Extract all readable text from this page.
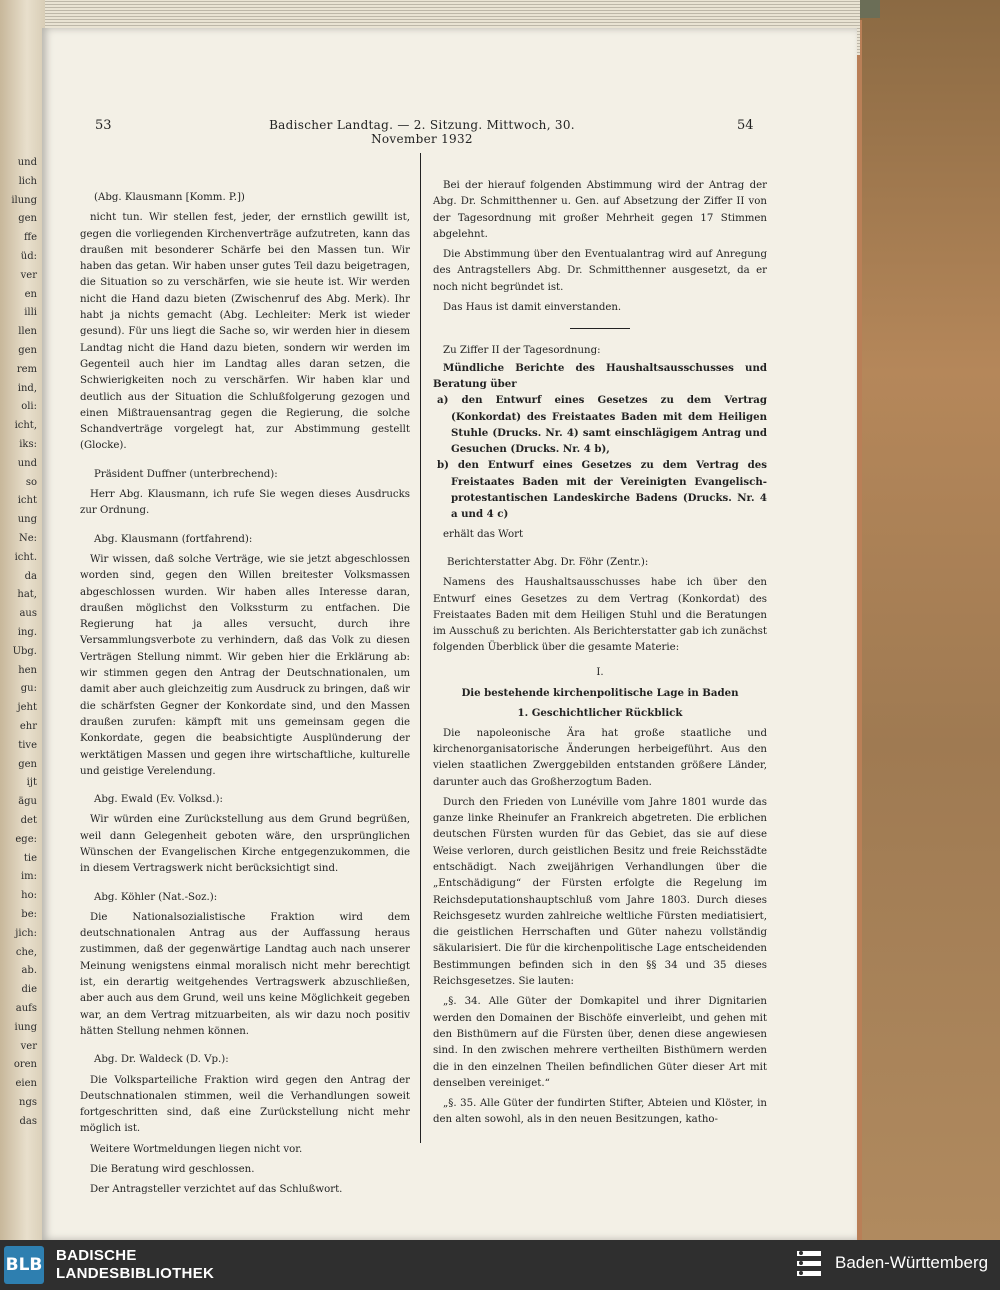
und
lich
ilung
gen
ffe
üd:
ver
en
illi
llen
gen
rem
ind,
oli:
icht,
iks:
und
so
icht
ung
Ne:
icht.
da
hat,
aus
ing.
Ubg.
hen
gu:
jeht
ehr
tive
gen
ijt
ägu
det
ege:
tie
im:
ho:
be:
jich:
che,
ab.
die
aufs
iung
ver
oren
eien
ngs
das
53	Badischer Landtag. — 2. Sitzung. Mittwoch, 30. November 1932
54

(Abg. Klausmann [Komm. P.])

nicht tun. Wir stellen fest, jeder, der ernstlich gewillt ist, gegen die vorliegenden Kirchenverträge aufzutreten, kann das draußen mit besonderer Schärfe bei den Massen tun. Wir haben das getan. Wir haben unser gutes Teil dazu beigetragen, die Situation so zu verschärfen, wie sie heute ist. Wir werden nicht die Hand dazu bieten (Zwischenruf des Abg. Merk). Ihr habt ja nichts gemacht (Abg. Lechleiter: Merk ist wieder gesund). Für uns liegt die Sache so, wir werden hier in diesem Landtag nicht die Hand dazu bieten, sondern wir werden im Gegenteil auch hier im Landtag alles daran setzen, die Schwierigkeiten noch zu verschärfen. Wir haben klar und deutlich aus der Situation die Schlußfolgerung gezogen und einen Mißtrauensantrag gegen die Regierung, die solche Schandverträge vorgelegt hat, zur Abstimmung gestellt (Glocke).

Präsident Duffner (unterbrechend):

Herr Abg. Klausmann, ich rufe Sie wegen dieses Ausdrucks zur Ordnung.

Abg. Klausmann (fortfahrend):

Wir wissen, daß solche Verträge, wie sie jetzt abgeschlossen worden sind, gegen den Willen breitester Volksmassen abgeschlossen wurden. Wir haben alles Interesse daran, draußen möglichst den Volkssturm zu entfachen. Die Regierung hat ja alles versucht, durch ihre Versammlungsverbote zu verhindern, daß das Volk zu diesen Verträgen Stellung nimmt. Wir geben hier die Erklärung ab: wir stimmen gegen den Antrag der Deutschnationalen, um damit aber auch gleichzeitig zum Ausdruck zu bringen, daß wir die schärfsten Gegner der Konkordate sind, und den Massen draußen zurufen: kämpft mit uns gemeinsam gegen die Konkordate, gegen die beabsichtigte Ausplünderung der werktätigen Massen und gegen ihre wirtschaftliche, kulturelle und geistige Verelendung.

Abg. Ewald (Ev. Volksd.):

Wir würden eine Zurückstellung aus dem Grund begrüßen, weil dann Gelegenheit geboten wäre, den ursprünglichen Wünschen der Evangelischen Kirche entgegenzukommen, die in diesem Vertragswerk nicht berücksichtigt sind.

Abg. Köhler (Nat.-Soz.):

Die Nationalsozialistische Fraktion wird dem deutschnationalen Antrag aus der Auffassung heraus zustimmen, daß der gegenwärtige Landtag auch nach unserer Meinung wenigstens einmal moralisch nicht mehr berechtigt ist, ein derartig weitgehendes Vertragswerk abzuschließen, aber auch aus dem Grund, weil uns keine Möglichkeit gegeben war, an dem Vertrag mitzuarbeiten, als wir dazu noch positiv hätten Stellung nehmen können.

Abg. Dr. Waldeck (D. Vp.):

Die Volksparteiliche Fraktion wird gegen den Antrag der Deutschnationalen stimmen, weil die Verhandlungen soweit fortgeschritten sind, daß eine Zurückstellung nicht mehr möglich ist.

Weitere Wortmeldungen liegen nicht vor.

Die Beratung wird geschlossen.

Der Antragsteller verzichtet auf das Schlußwort.

Bei der hierauf folgenden Abstimmung wird der Antrag der Abg. Dr. Schmitthenner u. Gen. auf Absetzung der Ziffer II von der Tagesordnung mit großer Mehrheit gegen 17 Stimmen abgelehnt.

Die Abstimmung über den Eventualantrag wird auf Anregung des Antragstellers Abg. Dr. Schmitthenner ausgesetzt, da er noch nicht begründet ist.

Das Haus ist damit einverstanden.

Zu Ziffer II der Tagesordnung:

Mündliche Berichte des Haushaltsausschusses und Beratung über

a) den Entwurf eines Gesetzes zu dem Vertrag (Konkordat) des Freistaates Baden mit dem Heiligen Stuhle (Drucks. Nr. 4) samt einschlägigem Antrag und Gesuchen (Drucks. Nr. 4 b),

b) den Entwurf eines Gesetzes zu dem Vertrag des Freistaates Baden mit der Vereinigten Evangelisch-protestantischen Landeskirche Badens (Drucks. Nr. 4 a und 4 c)

erhält das Wort

Berichterstatter Abg. Dr. Föhr (Zentr.):

Namens des Haushaltsausschusses habe ich über den Entwurf eines Gesetzes zu dem Vertrag (Konkordat) des Freistaates Baden mit dem Heiligen Stuhl und die Beratungen im Ausschuß zu berichten. Als Berichterstatter gab ich zunächst folgenden Überblick über die gesamte Materie:

I.

Die bestehende kirchenpolitische Lage in Baden

1. Geschichtlicher Rückblick

Die napoleonische Ära hat große staatliche und kirchenorganisatorische Änderungen herbeigeführt. Aus den vielen staatlichen Zwerggebilden entstanden größere Länder, darunter auch das Großherzogtum Baden.

Durch den Frieden von Lunéville vom Jahre 1801 wurde das ganze linke Rheinufer an Frankreich abgetreten. Die erblichen deutschen Fürsten wurden für das Gebiet, das sie auf diese Weise verloren, durch geistlichen Besitz und freie Reichsstädte entschädigt. Nach zweijährigen Verhandlungen über die „Entschädigung“ der Fürsten erfolgte die Regelung im Reichsdeputationshauptschluß vom Jahre 1803. Durch dieses Reichsgesetz wurden zahlreiche weltliche Fürsten mediatisiert, die geistlichen Herrschaften und Güter nahezu vollständig säkularisiert. Die für die kirchenpolitische Lage entscheidenden Bestimmungen befinden sich in den §§ 34 und 35 dieses Reichsgesetzes. Sie lauten:

„§. 34. Alle Güter der Domkapitel und ihrer Dignitarien werden den Domainen der Bischöfe einverleibt, und gehen mit den Bisthümern auf die Fürsten über, denen diese angewiesen sind. In den zwischen mehrere vertheilten Bisthümern werden die in den einzelnen Theilen befindlichen Güter dieser Art mit denselben vereiniget.“

„§. 35. Alle Güter der fundirten Stifter, Abteien und Klöster, in den alten sowohl, als in den neuen Besitzungen, katho-

BLB BADISCHE
LANDESBIBLIOTHEK
Baden-Württemberg
